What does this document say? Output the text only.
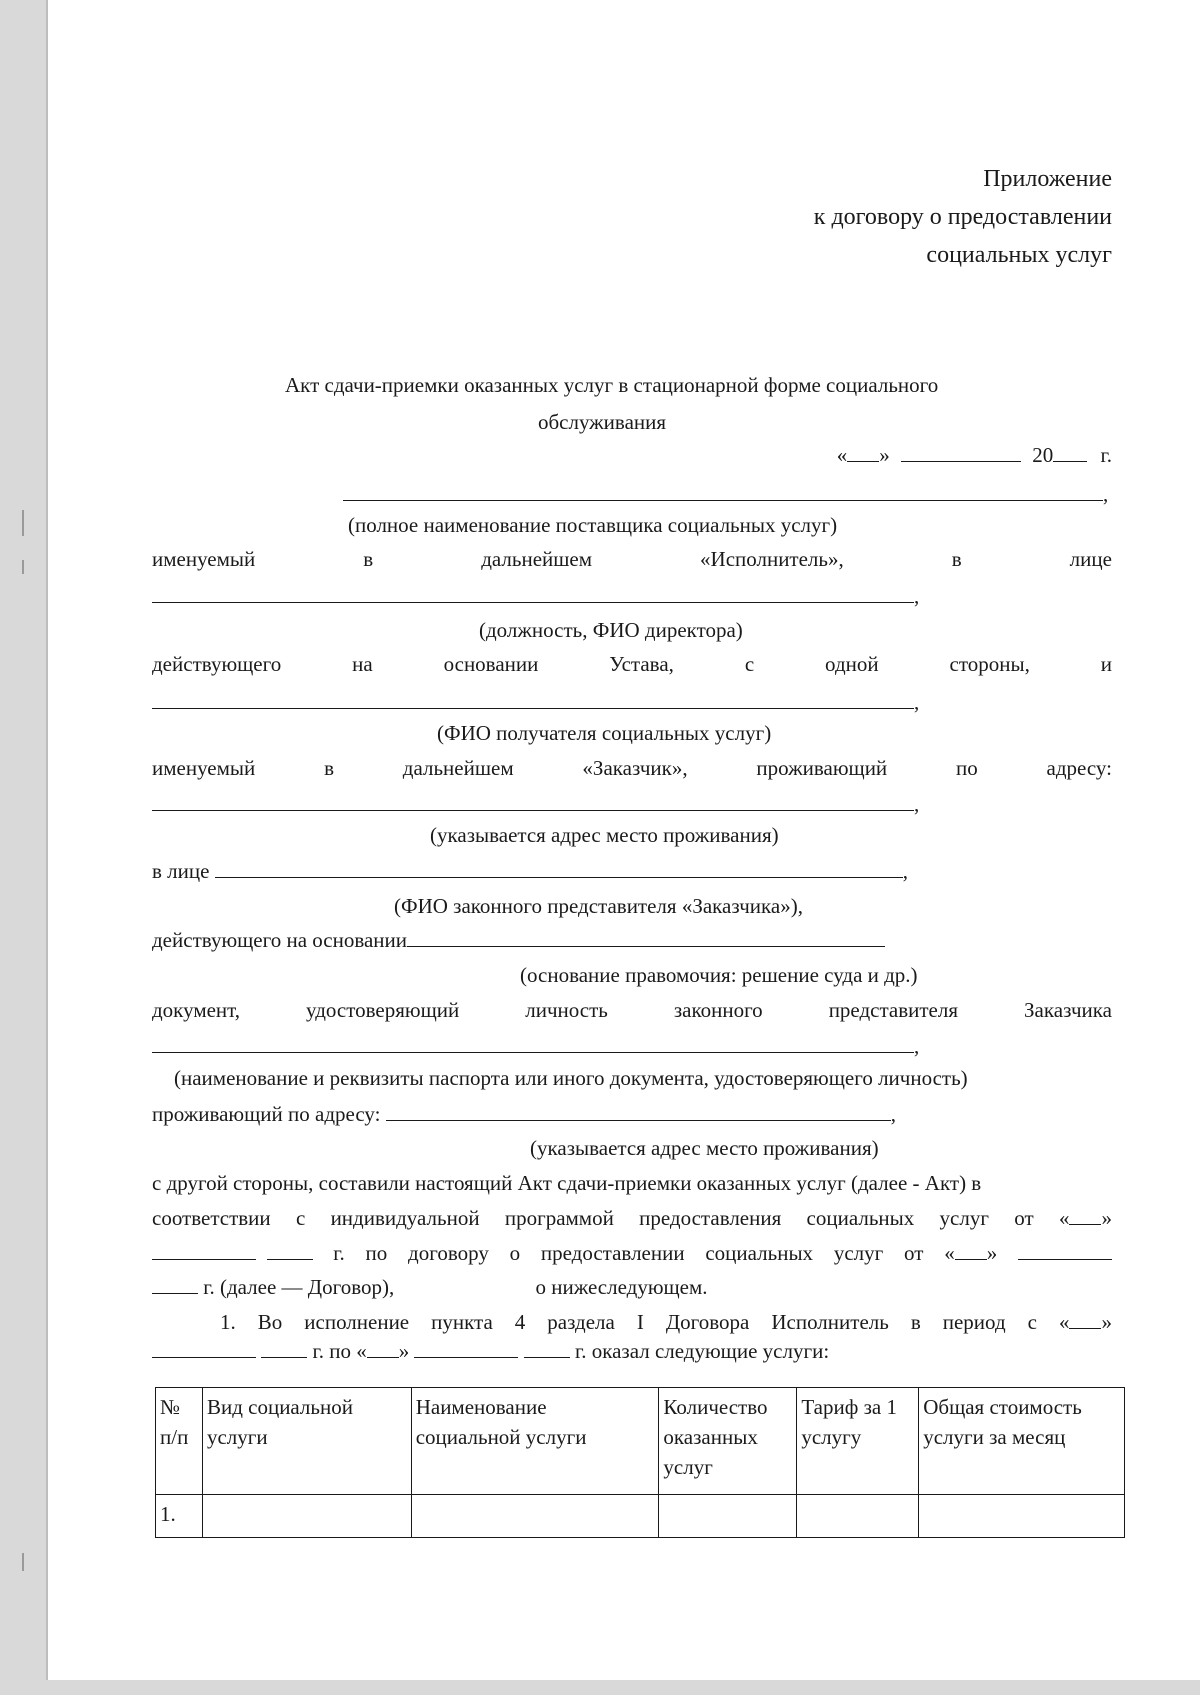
Приложение
к договору о предоставлении
социальных услуг
Акт сдачи-приемки оказанных услуг в стационарной форме социального
обслуживания
« »	20 г.
,
(полное наименование поставщика социальных услуг)
именуемый	в	дальнейшем	«Исполнитель»,	в	лице
,
(должность, ФИО директора)
действующего	на	основании	Устава,	с	одной	стороны,	и
,
(ФИО получателя социальных услуг)
именуемый	в	дальнейшем	«Заказчик»,	проживающий	по	адресу:
,
(указывается адрес место проживания)
в лице	,
(ФИО законного представителя «Заказчика»),
действующего на основании
(основание правомочия: решение суда и др.)
документ,	удостоверяющий	личность	законного	представителя	Заказчика
,
(наименование и реквизиты паспорта или иного документа, удостоверяющего личность)
проживающий по адресу:	,
(указывается адрес место проживания)
с другой стороны, составили настоящий Акт сдачи-приемки оказанных услуг (далее - Акт) в
соответствии с индивидуальной программой предоставления социальных услуг от « »

г. по договору о предоставлении социальных услуг от « »
г. (далее — Договор),	о нижеследующем.
1. Во исполнение пункта 4 раздела I Договора Исполнитель в период с « »
г. по « »	г. оказал следующие услуги:
№ п/п	Вид социальной услуги	Наименование социальной услуги	Количество оказанных услуг	Тариф за 1 услугу	Общая стоимость услуги за месяц
1.					
